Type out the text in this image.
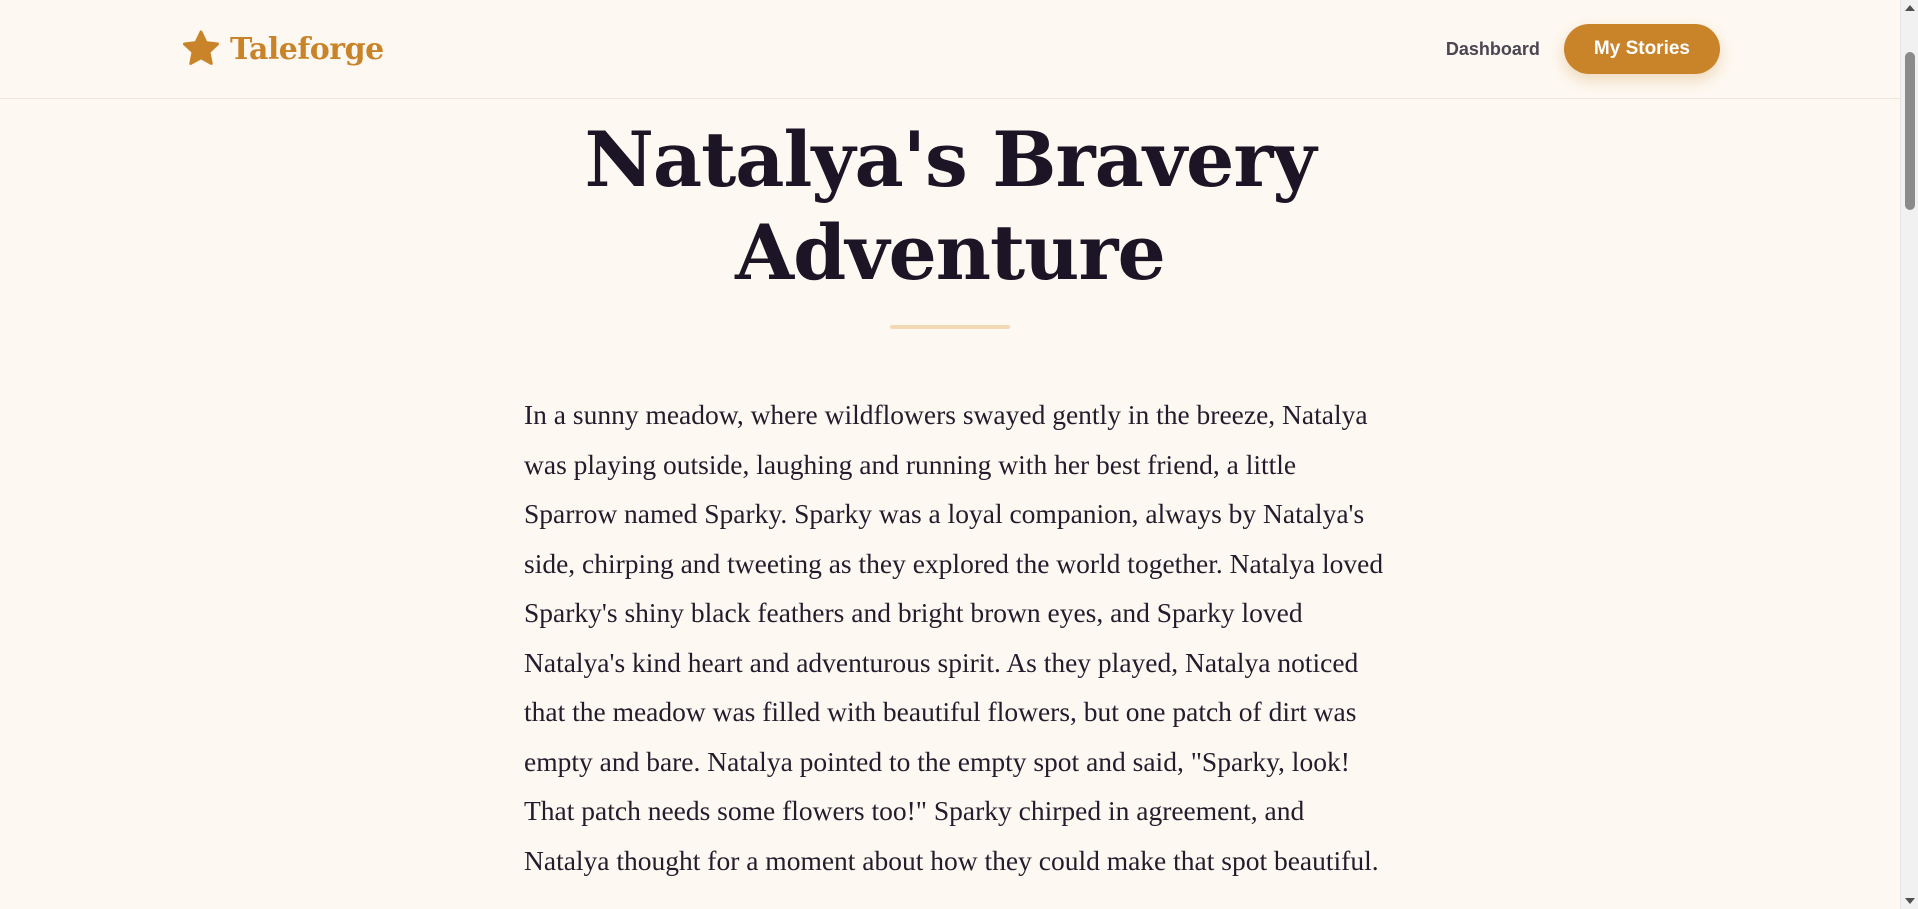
Taleforge	Dashboard	My Stories
Natalya's Bravery
Adventure

In a sunny meadow, where wildflowers swayed gently in the breeze, Natalya was playing outside, laughing and running with her best friend, a little Sparrow named Sparky. Sparky was a loyal companion, always by Natalya's side, chirping and tweeting as they explored the world together. Natalya loved Sparky's shiny black feathers and bright brown eyes, and Sparky loved Natalya's kind heart and adventurous spirit. As they played, Natalya noticed that the meadow was filled with beautiful flowers, but one patch of dirt was empty and bare. Natalya pointed to the empty spot and said, "Sparky, look! That patch needs some flowers too!" Sparky chirped in agreement, and Natalya thought for a moment about how they could make that spot beautiful.
